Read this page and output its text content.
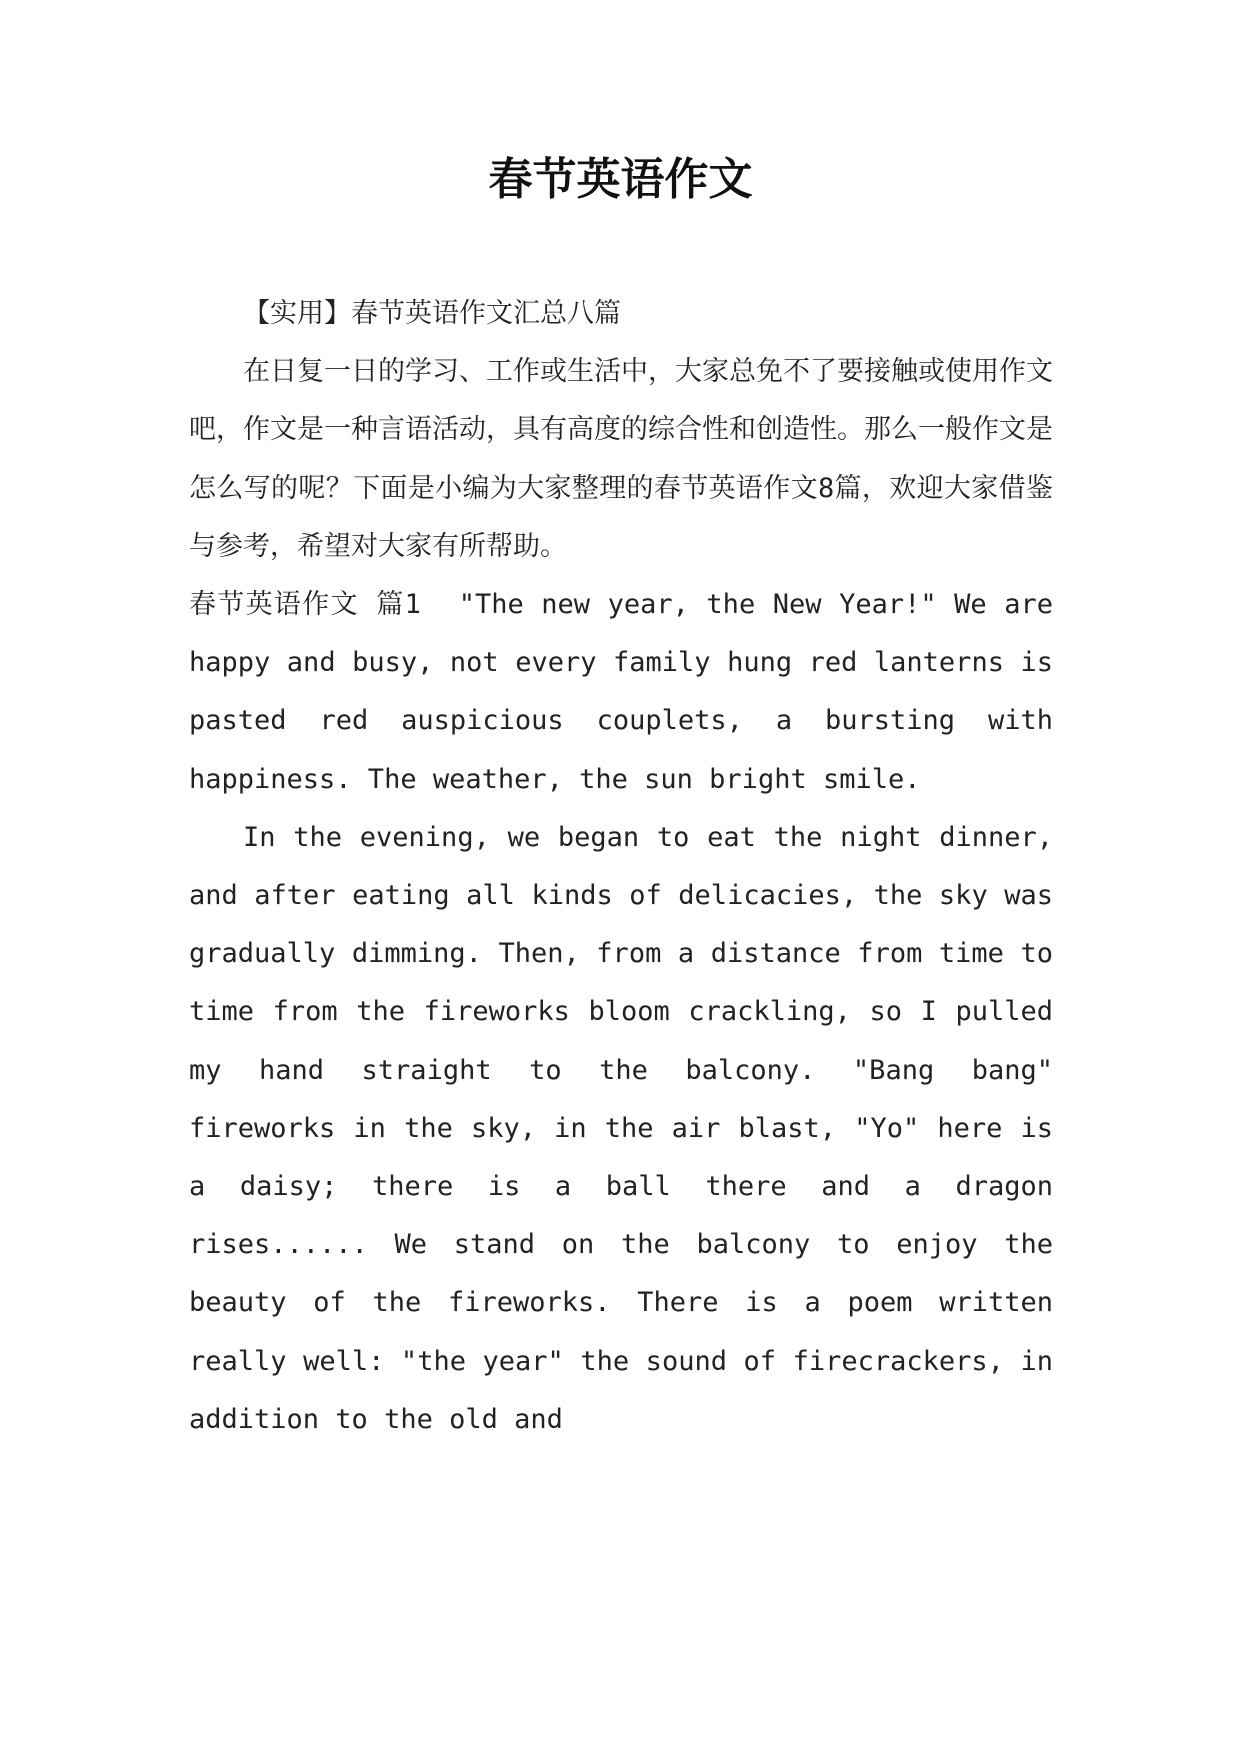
春节英语作文

【实用】春节英语作文汇总八篇

在日复一日的学习、工作或生活中，大家总免不了要接触或使用作文吧，作文是一种言语活动，具有高度的综合性和创造性。那么一般作文是怎么写的呢？下面是小编为大家整理的春节英语作文8篇，欢迎大家借鉴与参考，希望对大家有所帮助。

春节英语作文 篇1 "The new year, the New Year!" We are happy and busy, not every family hung red lanterns is pasted red auspicious couplets, a bursting with happiness. The weather, the sun bright smile.

In the evening, we began to eat the night dinner, and after eating all kinds of delicacies, the sky was gradually dimming. Then, from a distance from time to time from the fireworks bloom crackling, so I pulled my hand straight to the balcony. "Bang bang" fireworks in the sky, in the air blast, "Yo" here is a daisy; there is a ball there and a dragon rises...... We stand on the balcony to enjoy the beauty of the fireworks. There is a poem written really well: "the year" the sound of firecrackers, in addition to the old and
